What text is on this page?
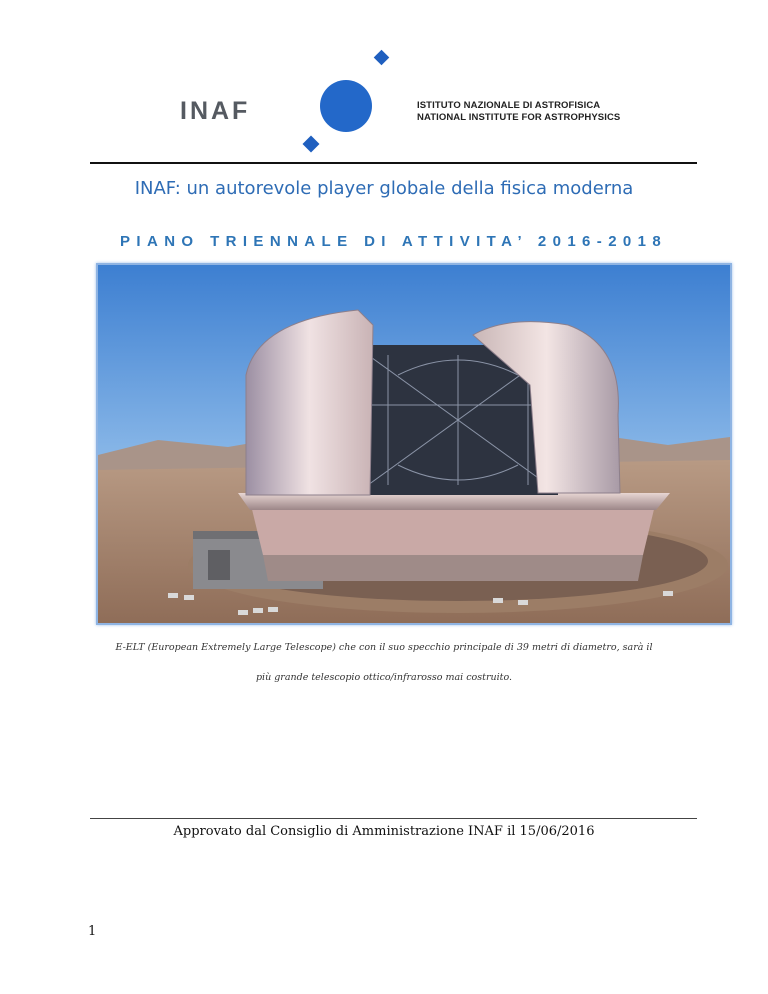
INAF	ISTITUTO NAZIONALE DI ASTROFISICA
NATIONAL INSTITUTE FOR ASTROPHYSICS
INAF: un autorevole player globale della fisica moderna
PIANO TRIENNALE DI ATTIVITA’ 2016-2018
E-ELT (European Extremely Large Telescope) che con il suo specchio principale di 39 metri di diametro, sarà il
più grande telescopio ottico/infrarosso mai costruito.
Approvato dal Consiglio di Amministrazione INAF il 15/06/2016
1
